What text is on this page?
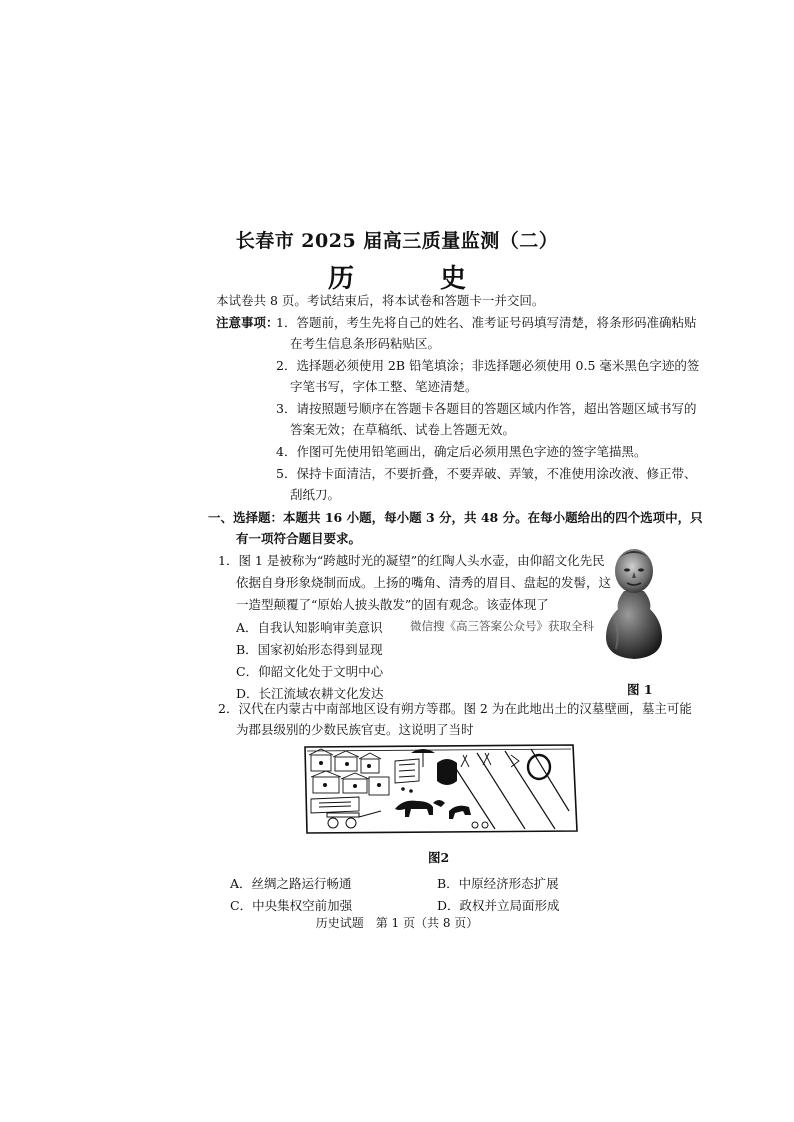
长春市 2025 届高三质量监测（二）
历　史
本试卷共 8 页。考试结束后，将本试卷和答题卡一并交回。
注意事项：
1．答题前，考生先将自己的姓名、准考证号码填写清楚，将条形码准确粘贴
在考生信息条形码粘贴区。
2．选择题必须使用 2B 铅笔填涂；非选择题必须使用 0.5 毫米黑色字迹的签
字笔书写，字体工整、笔迹清楚。
3．请按照题号顺序在答题卡各题目的答题区域内作答，超出答题区域书写的
答案无效；在草稿纸、试卷上答题无效。
4．作图可先使用铅笔画出，确定后必须用黑色字迹的签字笔描黑。
5．保持卡面清洁，不要折叠，不要弄破、弄皱，不准使用涂改液、修正带、
刮纸刀。
一、选择题：本题共 16 小题，每小题 3 分，共 48 分。在每小题给出的四个选项中，只
有一项符合题目要求。
1．图 1 是被称为“跨越时光的凝望”的红陶人头水壶，由仰韶文化先民
依据自身形象烧制而成。上扬的嘴角、清秀的眉目、盘起的发髻，这
一造型颠覆了“原始人披头散发”的固有观念。该壶体现了
A．自我认知影响审美意识 微信搜《高三答案公众号》获取全科
B．国家初始形态得到显现
C．仰韶文化处于文明中心
D．长江流域农耕文化发达	图 1
2．汉代在内蒙古中南部地区设有朔方等郡。图 2 为在此地出土的汉墓壁画，墓主可能
为郡县级别的少数民族官吏。这说明了当时
图2
A．丝绸之路运行畅通	B．中原经济形态扩展
C．中央集权空前加强	D．政权并立局面形成
历史试题　第 1 页（共 8 页）
